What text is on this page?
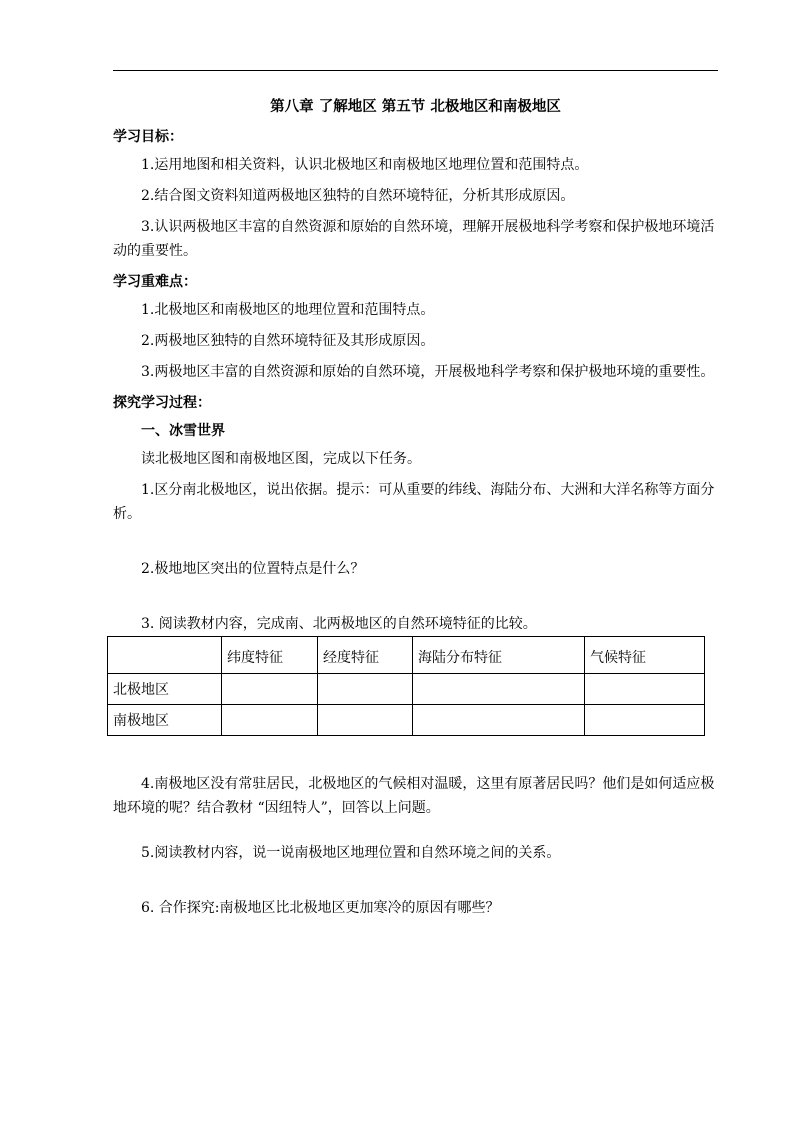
第八章 了解地区 第五节 北极地区和南极地区
学习目标：

1.运用地图和相关资料，认识北极地区和南极地区地理位置和范围特点。

2.结合图文资料知道两极地区独特的自然环境特征，分析其形成原因。

3.认识两极地区丰富的自然资源和原始的自然环境，理解开展极地科学考察和保护极地环境活动的重要性。

学习重难点：

1.北极地区和南极地区的地理位置和范围特点。

2.两极地区独特的自然环境特征及其形成原因。

3.两极地区丰富的自然资源和原始的自然环境，开展极地科学考察和保护极地环境的重要性。

探究学习过程：
一、冰雪世界

读北极地区图和南极地区图，完成以下任务。

1.区分南北极地区，说出依据。提示：可从重要的纬线、海陆分布、大洲和大洋名称等方面分析。

2.极地地区突出的位置特点是什么？

3. 阅读教材内容，完成南、北两极地区的自然环境特征的比较。

	纬度特征	经度特征	海陆分布特征	气候特征
北极地区				
南极地区				

4.南极地区没有常驻居民，北极地区的气候相对温暖，这里有原著居民吗？他们是如何适应极地环境的呢？结合教材 “因纽特人”，回答以上问题。

5.阅读教材内容，说一说南极地区地理位置和自然环境之间的关系。

6. 合作探究:南极地区比北极地区更加寒冷的原因有哪些？
